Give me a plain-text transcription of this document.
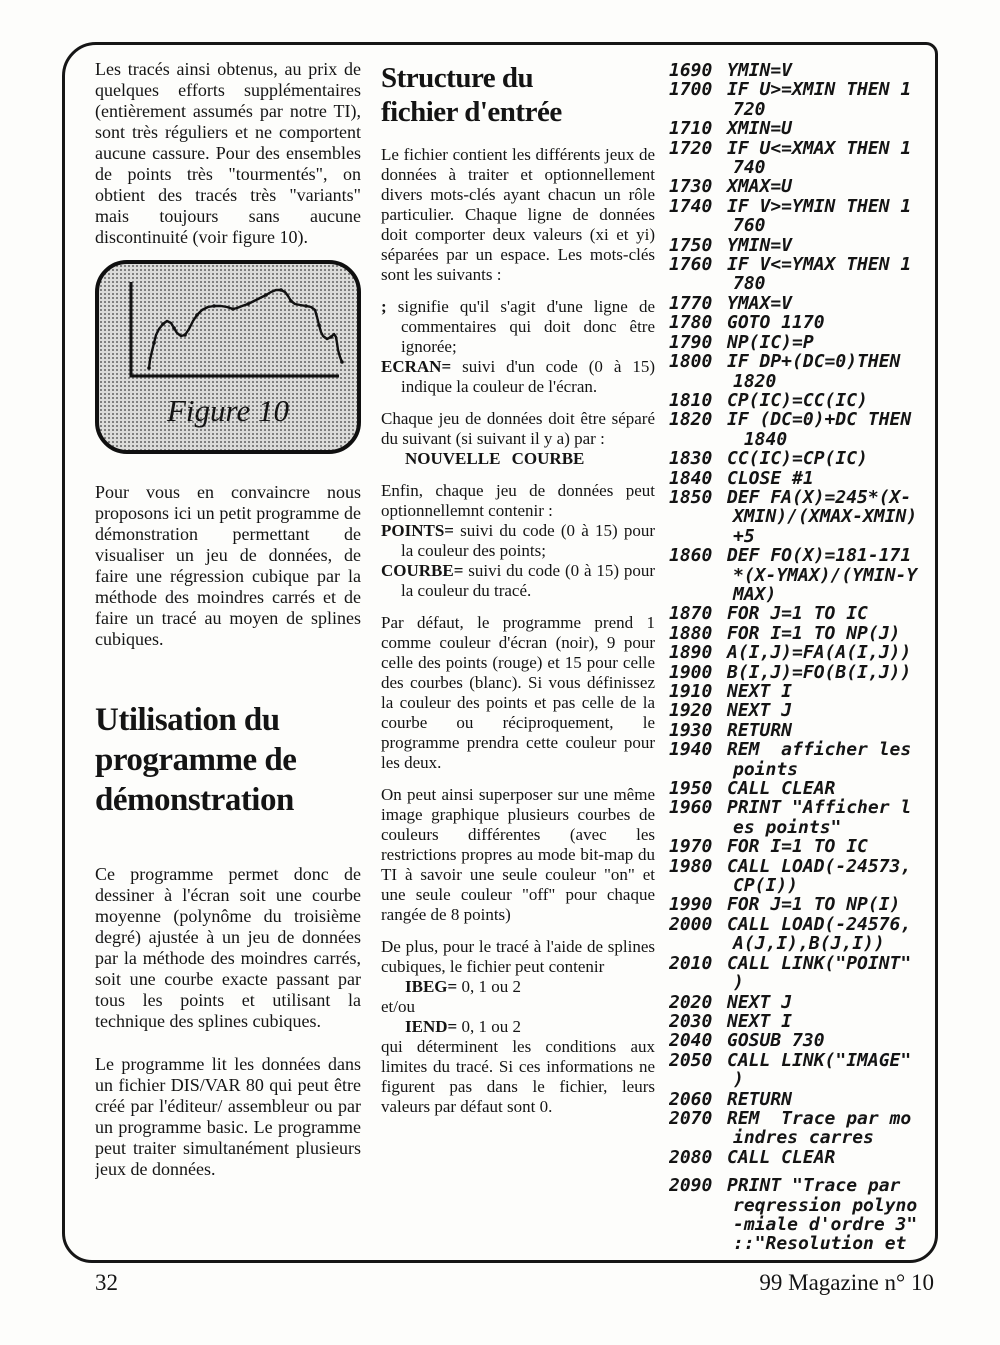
Les tracés ainsi obtenus, au prix de quelques efforts supplémentaires (entièrement assumés par notre TI), sont très réguliers et ne comportent aucune cassure. Pour des ensembles de points très "tourmentés", on obtient des tracés très "variants" mais toujours sans aucune discontinuité (voir figure 10).
Figure 10
Pour vous en convaincre nous proposons ici un petit programme de démonstration permettant de visualiser un jeu de données, de faire une régression cubique par la méthode des moindres carrés et de faire un tracé au moyen de splines cubiques.
Utilisation du programme de démonstration
Ce programme permet donc de dessiner à l'écran soit une courbe moyenne (polynôme du troisième degré) ajustée à un jeu de données par la méthode des moindres carrés, soit une courbe exacte passant par tous les points et utilisant la technique des splines cubiques.
Le programme lit les données dans un fichier DIS/VAR 80 qui peut être créé par l'éditeur/ assembleur ou par un programme basic. Le programme peut traiter simultanément plusieurs jeux de données.
Structure du
fichier d'entrée
Le fichier contient les différents jeux de données à traiter et optionnellement divers mots-clés ayant chacun un rôle particulier. Chaque ligne de données doit comporter deux valeurs (xi et yi) séparées par un espace. Les mots-clés sont les suivants :
; signifie qu'il s'agit d'une ligne de commentaires qui doit donc être ignorée;
ECRAN= suivi d'un code (0 à 15) indique la couleur de l'écran.
Chaque jeu de données doit être séparé du suivant (si suivant il y a) par :
NOUVELLE COURBE
Enfin, chaque jeu de données peut optionnellemnt contenir :
POINTS= suivi du code (0 à 15) pour la couleur des points;
COURBE= suivi du code (0 à 15) pour la couleur du tracé.
Par défaut, le programme prend 1 comme couleur d'écran (noir), 9 pour celle des points (rouge) et 15 pour celle des courbes (blanc). Si vous définissez la couleur des points et pas celle de la courbe ou réciproquement, le programme prendra cette couleur pour les deux.
On peut ainsi superposer sur une même image graphique plusieurs courbes de couleurs différentes (avec les restrictions propres au mode bit-map du TI à savoir une seule couleur "on" et une seule couleur "off" pour chaque rangée de 8 points)
De plus, pour le tracé à l'aide de splines cubiques, le fichier peut contenir
IBEG= 0, 1 ou 2
et/ou
IEND= 0, 1 ou 2
qui déterminent les conditions aux limites du tracé. Si ces informations ne figurent pas dans le fichier, leurs valeurs par défaut sont 0.
1690 YMIN=V
1700 IF U>=XMIN THEN 1
720
1710 XMIN=U
1720 IF U<=XMAX THEN 1
740
1730 XMAX=U
1740 IF V>=YMIN THEN 1
760
1750 YMIN=V
1760 IF V<=YMAX THEN 1
780
1770 YMAX=V
1780 GOTO 1170
1790 NP(IC)=P
1800 IF DP+(DC=0)THEN
1820
1810 CP(IC)=CC(IC)
1820 IF (DC=0)+DC THEN
1840
1830 CC(IC)=CP(IC)
1840 CLOSE #1
1850 DEF FA(X)=245*(X-
XMIN)/(XMAX-XMIN)
+5
1860 DEF FO(X)=181-171
*(X-YMAX)/(YMIN-Y
MAX)
1870 FOR J=1 TO IC
1880 FOR I=1 TO NP(J)
1890 A(I,J)=FA(A(I,J))
1900 B(I,J)=FO(B(I,J))
1910 NEXT I
1920 NEXT J
1930 RETURN
1940 REM  afficher les
points
1950 CALL CLEAR
1960 PRINT "Afficher l
es points"
1970 FOR I=1 TO IC
1980 CALL LOAD(-24573,
CP(I))
1990 FOR J=1 TO NP(I)
2000 CALL LOAD(-24576,
A(J,I),B(J,I))
2010 CALL LINK("POINT"
)
2020 NEXT J
2030 NEXT I
2040 GOSUB 730
2050 CALL LINK("IMAGE"
)
2060 RETURN
2070 REM  Trace par mo
indres carres
2080 CALL CLEAR
2090 PRINT "Trace par
reqression polyno
-miale d'ordre 3"
::"Resolution et
32	99 Magazine n° 10
